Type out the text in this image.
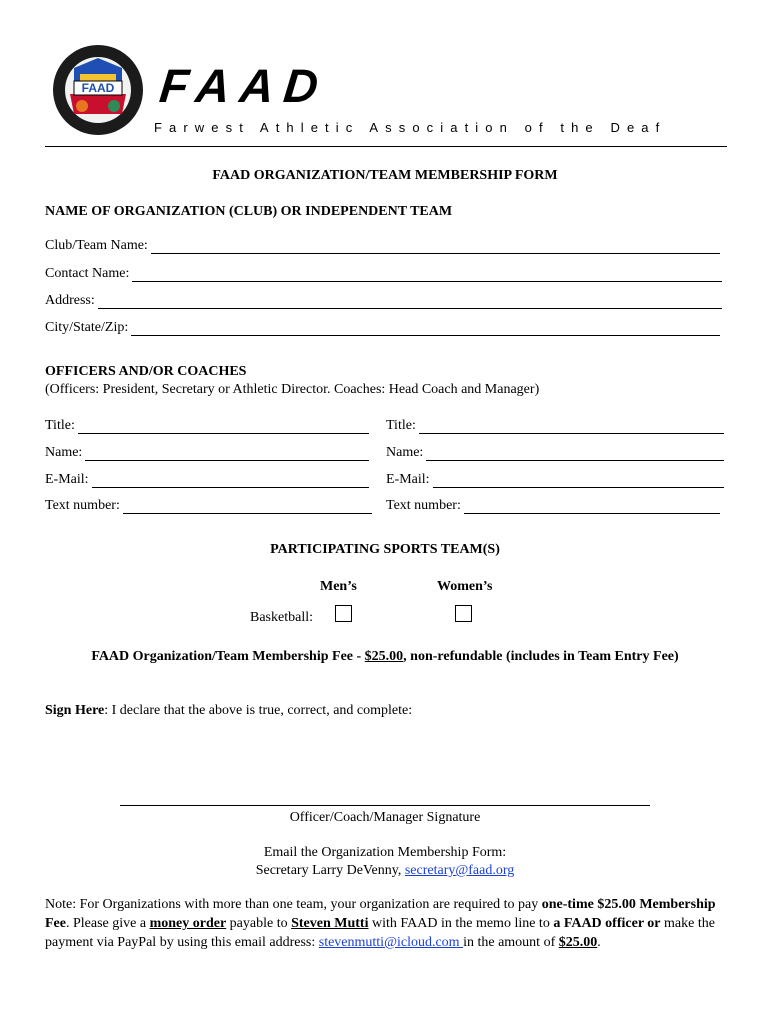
FAAD FAAD
Farwest Athletic Association of the Deaf
FAAD ORGANIZATION/TEAM MEMBERSHIP FORM
NAME OF ORGANIZATION (CLUB) OR INDEPENDENT TEAM
Club/Team Name:
Contact Name:
Address:
City/State/Zip:
OFFICERS AND/OR COACHES
(Officers: President, Secretary or Athletic Director. Coaches: Head Coach and Manager)
Title:
Name:
E-Mail:
Text number:
Title:
Name:
E-Mail:
Text number:
PARTICIPATING SPORTS TEAM(S)
Men’s	Women’s
Basketball:
FAAD Organization/Team Membership Fee - $25.00, non-refundable (includes in Team Entry Fee)
Sign Here: I declare that the above is true, correct, and complete:
Officer/Coach/Manager Signature
Email the Organization Membership Form:
Secretary Larry DeVenny, secretary@faad.org
Note: For Organizations with more than one team, your organization are required to pay one-time $25.00 Membership Fee. Please give a money order payable to Steven Mutti with FAAD in the memo line to a FAAD officer or make the payment via PayPal by using this email address: stevenmutti@icloud.com in the amount of $25.00.
